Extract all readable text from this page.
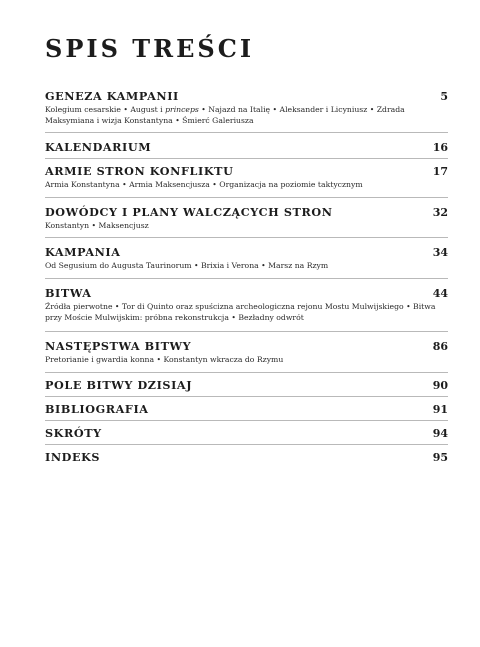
SPIS TREŚCI
GENEZA KAMPANII	5
Kolegium cesarskie • August i princeps • Najazd na Italię • Aleksander i Licyniusz • Zdrada Maksymiana i wizja Konstantyna • Śmierć Galeriusza
KALENDARIUM	16
ARMIE STRON KONFLIKTU	17
Armia Konstantyna • Armia Maksencjusza • Organizacja na poziomie taktycznym
DOWÓDCY I PLANY WALCZĄCYCH STRON	32
Konstantyn • Maksencjusz
KAMPANIA	34
Od Segusium do Augusta Taurinorum • Brixia i Verona • Marsz na Rzym
BITWA	44
Źródła pierwotne • Tor di Quinto oraz spuścizna archeologiczna rejonu Mostu Mulwijskiego • Bitwa przy Moście Mulwijskim: próbna rekonstrukcja • Bezładny odwrót
NASTĘPSTWA BITWY	86
Pretorianie i gwardia konna • Konstantyn wkracza do Rzymu
POLE BITWY DZISIAJ	90
BIBLIOGRAFIA	91
SKRÓTY	94
INDEKS	95
